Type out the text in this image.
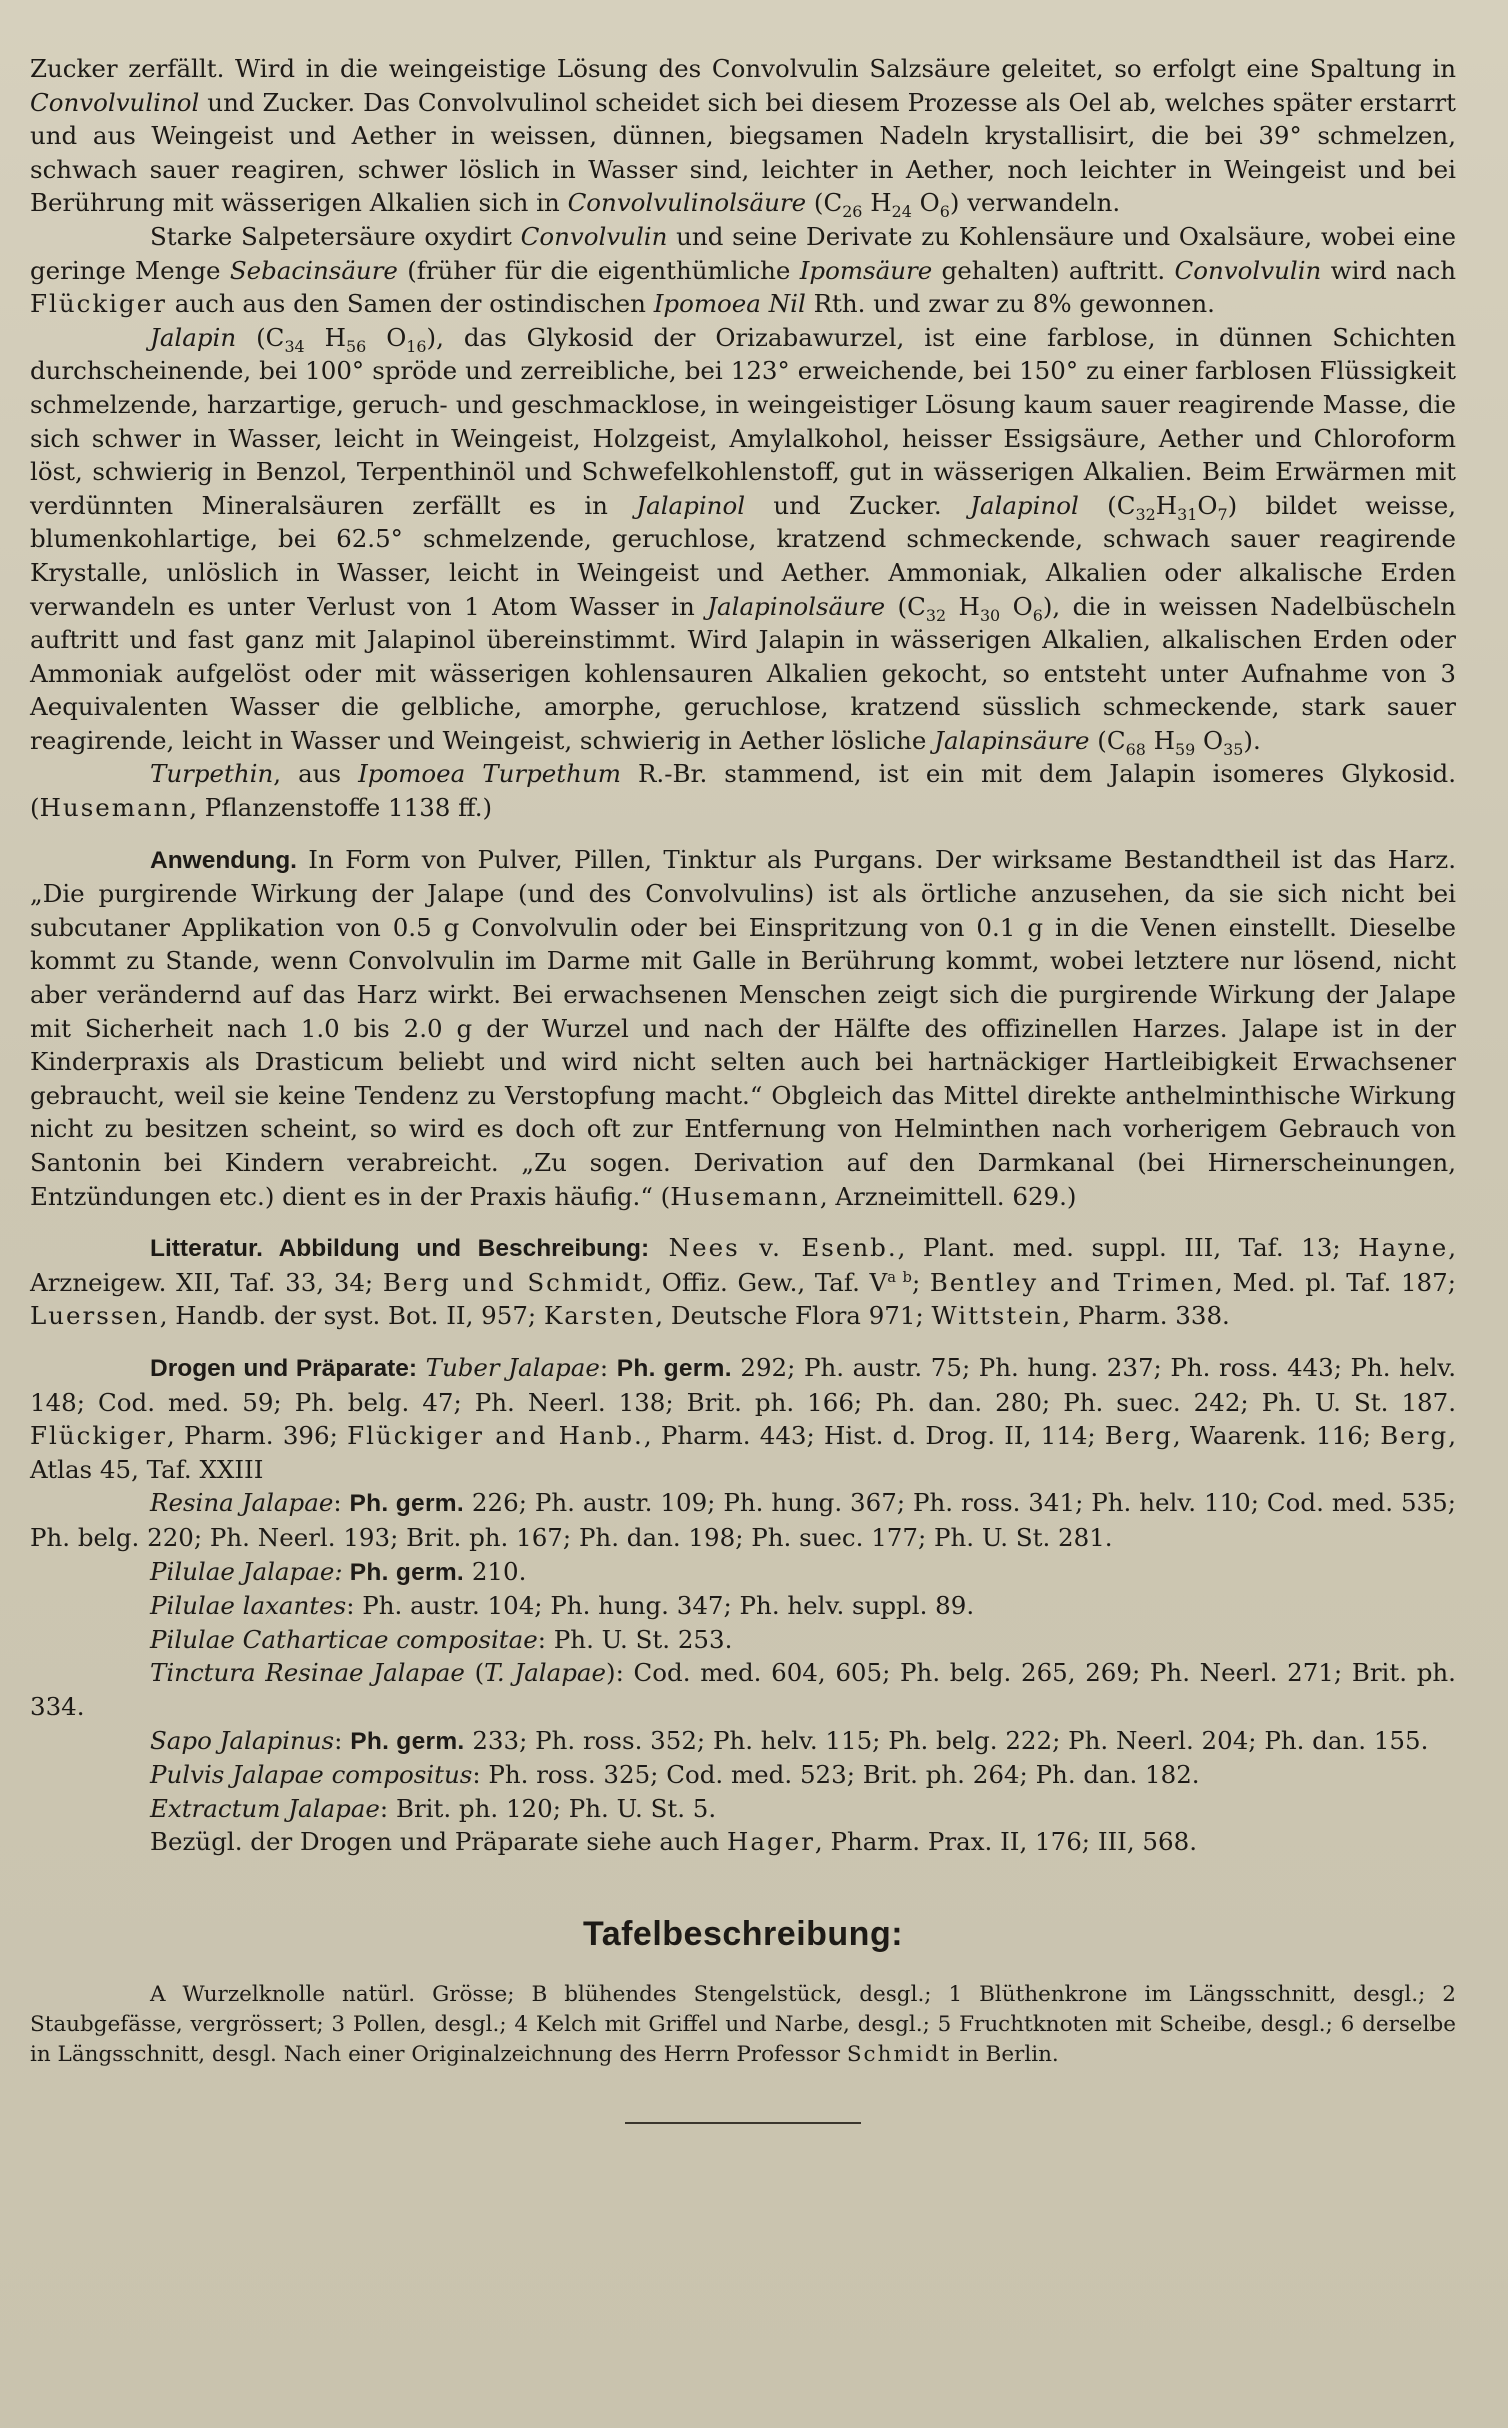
Zucker zerfällt. Wird in die weingeistige Lösung des Convolvulin Salzsäure geleitet, so erfolgt eine Spaltung in Convolvulinol und Zucker. Das Convolvulinol scheidet sich bei diesem Prozesse als Oel ab, welches später erstarrt und aus Weingeist und Aether in weissen, dünnen, biegsamen Nadeln krystallisirt, die bei 39° schmelzen, schwach sauer reagiren, schwer löslich in Wasser sind, leichter in Aether, noch leichter in Weingeist und bei Berührung mit wässerigen Alkalien sich in Convolvulinolsäure ($C_{26}$ $H_{24}$ $O_6$) verwandeln.

Starke Salpetersäure oxydirt Convolvulin und seine Derivate zu Kohlensäure und Oxalsäure, wobei eine geringe Menge Sebacinsäure (früher für die eigenthümliche Ipomsäure gehalten) auftritt. Convolvulin wird nach Flückiger auch aus den Samen der ostindischen Ipomoea Nil Rth. und zwar zu 8% gewonnen.

Jalapin ($C_{34}$ $H_{56}$ $O_{16}$), das Glykosid der Orizabawurzel, ist eine farblose, in dünnen Schichten durchscheinende, bei 100° spröde und zerreibliche, bei 123° erweichende, bei 150° zu einer farblosen Flüssigkeit schmelzende, harzartige, geruch- und geschmacklose, in weingeistiger Lösung kaum sauer reagirende Masse, die sich schwer in Wasser, leicht in Weingeist, Holzgeist, Amylalkohol, heisser Essigsäure, Aether und Chloroform löst, schwierig in Benzol, Terpenthinöl und Schwefelkohlenstoff, gut in wässerigen Alkalien. Beim Erwärmen mit verdünnten Mineralsäuren zerfällt es in Jalapinol und Zucker. Jalapinol $(C_{32}H_{31}O_7)$ bildet weisse, blumenkohlartige, bei 62.5° schmelzende, geruchlose, kratzend schmeckende, schwach sauer reagirende Krystalle, unlöslich in Wasser, leicht in Weingeist und Aether. Ammoniak, Alkalien oder alkalische Erden verwandeln es unter Verlust von 1 Atom Wasser in Jalapinolsäure ($C_{32}$ $H_{30}$ $O_6$), die in weissen Nadelbüscheln auftritt und fast ganz mit Jalapinol übereinstimmt. Wird Jalapin in wässerigen Alkalien, alkalischen Erden oder Ammoniak aufgelöst oder mit wässerigen kohlensauren Alkalien gekocht, so entsteht unter Aufnahme von 3 Aequivalenten Wasser die gelbliche, amorphe, geruchlose, kratzend süsslich schmeckende, stark sauer reagirende, leicht in Wasser und Weingeist, schwierig in Aether lösliche Jalapinsäure ($C_{68}$ $H_{59}$ $O_{35}$).

Turpethin, aus Ipomoea Turpethum R.-Br. stammend, ist ein mit dem Jalapin isomeres Glykosid. (Husemann, Pflanzenstoffe 1138 ff.)

Anwendung. In Form von Pulver, Pillen, Tinktur als Purgans. Der wirksame Bestandtheil ist das Harz. „Die purgirende Wirkung der Jalape (und des Convolvulins) ist als örtliche anzusehen, da sie sich nicht bei subcutaner Applikation von 0.5 g Convolvulin oder bei Einspritzung von 0.1 g in die Venen einstellt. Dieselbe kommt zu Stande, wenn Convolvulin im Darme mit Galle in Berührung kommt, wobei letztere nur lösend, nicht aber verändernd auf das Harz wirkt. Bei erwachsenen Menschen zeigt sich die purgirende Wirkung der Jalape mit Sicherheit nach 1.0 bis 2.0 g der Wurzel und nach der Hälfte des offizinellen Harzes. Jalape ist in der Kinderpraxis als Drasticum beliebt und wird nicht selten auch bei hartnäckiger Hartleibigkeit Erwachsener gebraucht, weil sie keine Tendenz zu Verstopfung macht.“ Obgleich das Mittel direkte anthelminthische Wirkung nicht zu besitzen scheint, so wird es doch oft zur Entfernung von Helminthen nach vorherigem Gebrauch von Santonin bei Kindern verabreicht. „Zu sogen. Derivation auf den Darmkanal (bei Hirnerscheinungen, Entzündungen etc.) dient es in der Praxis häufig.“ (Husemann, Arzneimittell. 629.)

Litteratur. Abbildung und Beschreibung: Nees v. Esenb., Plant. med. suppl. III, Taf. 13; Hayne, Arzneigew. XII, Taf. 33, 34; Berg und Schmidt, Offiz. Gew., Taf. $V^{a b}$; Bentley and Trimen, Med. pl. Taf. 187; Luerssen, Handb. der syst. Bot. II, 957; Karsten, Deutsche Flora 971; Wittstein, Pharm. 338.

Drogen und Präparate: Tuber Jalapae: Ph. germ. 292; Ph. austr. 75; Ph. hung. 237; Ph. ross. 443; Ph. helv. 148; Cod. med. 59; Ph. belg. 47; Ph. Neerl. 138; Brit. ph. 166; Ph. dan. 280; Ph. suec. 242; Ph. U. St. 187. Flückiger, Pharm. 396; Flückiger and Hanb., Pharm. 443; Hist. d. Drog. II, 114; Berg, Waarenk. 116; Berg, Atlas 45, Taf. XXIII

Resina Jalapae: Ph. germ. 226; Ph. austr. 109; Ph. hung. 367; Ph. ross. 341; Ph. helv. 110; Cod. med. 535; Ph. belg. 220; Ph. Neerl. 193; Brit. ph. 167; Ph. dan. 198; Ph. suec. 177; Ph. U. St. 281.

Pilulae Jalapae: Ph. germ. 210.

Pilulae laxantes: Ph. austr. 104; Ph. hung. 347; Ph. helv. suppl. 89.

Pilulae Catharticae compositae: Ph. U. St. 253.

Tinctura Resinae Jalapae (T. Jalapae): Cod. med. 604, 605; Ph. belg. 265, 269; Ph. Neerl. 271; Brit. ph. 334.

Sapo Jalapinus: Ph. germ. 233; Ph. ross. 352; Ph. helv. 115; Ph. belg. 222; Ph. Neerl. 204; Ph. dan. 155.

Pulvis Jalapae compositus: Ph. ross. 325; Cod. med. 523; Brit. ph. 264; Ph. dan. 182.

Extractum Jalapae: Brit. ph. 120; Ph. U. St. 5.

Bezügl. der Drogen und Präparate siehe auch Hager, Pharm. Prax. II, 176; III, 568.

Tafelbeschreibung:

A Wurzelknolle natürl. Grösse; B blühendes Stengelstück, desgl.; 1 Blüthenkrone im Längsschnitt, desgl.; 2 Staubgefässe, vergrössert; 3 Pollen, desgl.; 4 Kelch mit Griffel und Narbe, desgl.; 5 Fruchtknoten mit Scheibe, desgl.; 6 derselbe in Längsschnitt, desgl. Nach einer Originalzeichnung des Herrn Professor Schmidt in Berlin.
